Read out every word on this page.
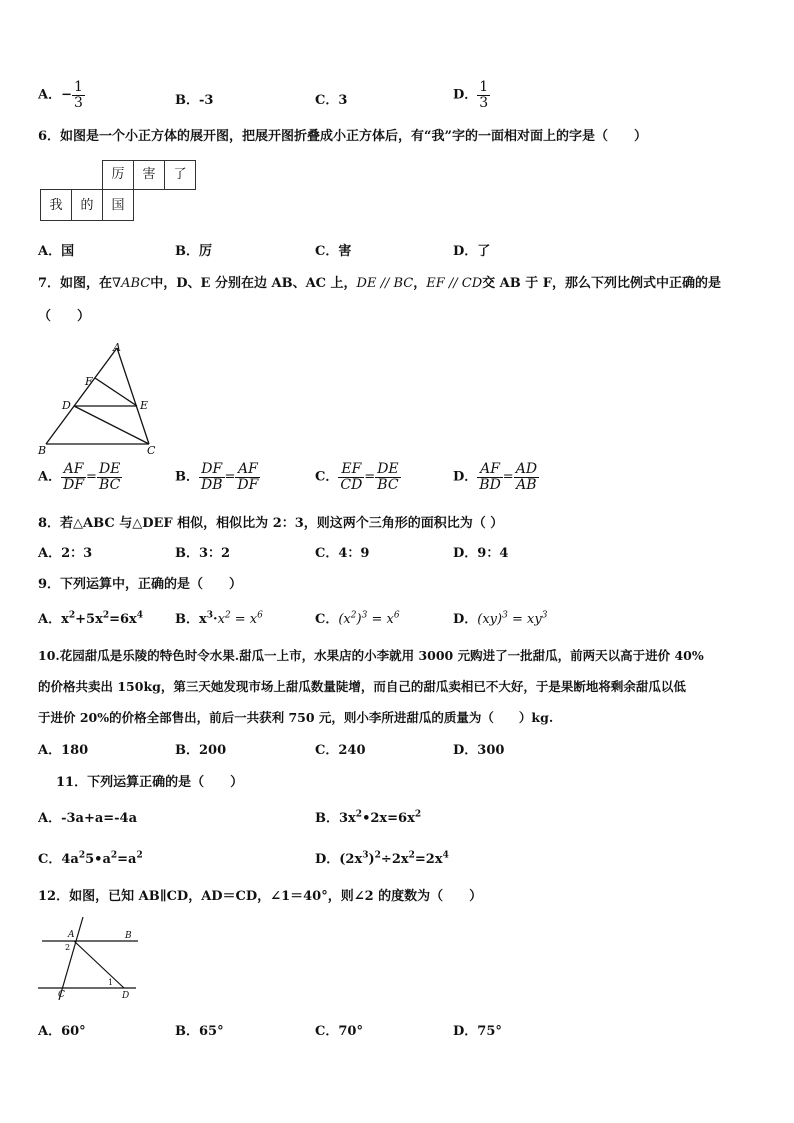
A．− $\frac{1}{3}$	B．-3	C．3	D． $\frac{1}{3}$
6．如图是一个小正方体的展开图，把展开图折叠成小正方体后，有“我”字的一面相对面上的字是（　　）
厉	害	了
我	的	国
A．国	B．厉	C．害	D．了
7．如图，在∇ABC中，D、E 分别在边 AB、AC 上，DE // BC，EF // CD交 AB 于 F，那么下列比例式中正确的是
（　　）
A
B	C
D	E
F
A． $\frac{AF}{DF} = \frac{DE}{BC}$	B． $\frac{DF}{DB} = \frac{AF}{DF}$	C． $\frac{EF}{CD} = \frac{DE}{BC}$	D． $\frac{AF}{BD} = \frac{AD}{AB}$
8．若△ABC 与△DEF 相似，相似比为 2：3，则这两个三角形的面积比为（ ）
A．2：3	B．3：2	C．4：9	D．9：4
9．下列运算中，正确的是（　　）
A．$x^2+5x^2=6x^4$ B．$x^3\cdot x^2 = x^6$	C．$(x^2)^3 = x^6$	D．$(xy)^3 = xy^3$
10.花园甜瓜是乐陵的特色时令水果.甜瓜一上市，水果店的小李就用 3000 元购进了一批甜瓜，前两天以高于进价 40%
的价格共卖出 150kg，第三天她发现市场上甜瓜数量陡增，而自己的甜瓜卖相已不大好，于是果断地将剩余甜瓜以低
于进价 20%的价格全部售出，前后一共获利 750 元，则小李所进甜瓜的质量为（　　）kg.
A．180	B．200	C．240	D．300
11．下列运算正确的是（　　）
A．-3a+a=-4a	B．$3x^2•2x=6x^2$
C．$4a^25•a^2=a^2$	D．$(2x^3)^2\div 2x^2=2x^4$
12．如图，已知 AB∥CD，AD＝CD，∠1＝40°，则∠2 的度数为（　　）
A	B
C	D
1
2
A．60°	B．65°	C．70°	D．75°
